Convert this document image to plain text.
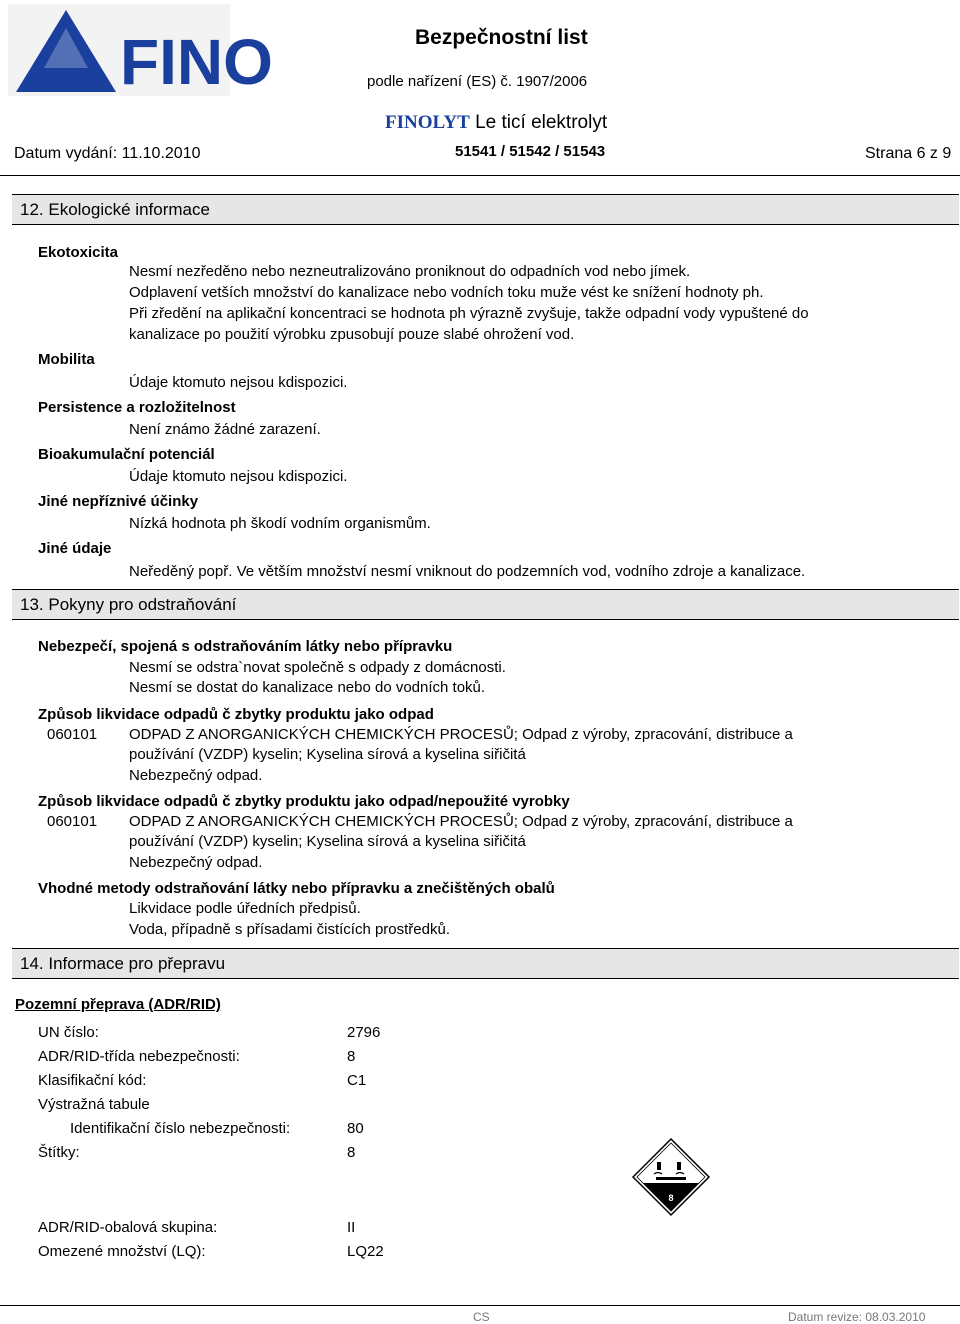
FINO	Bezpečnostní list
podle nařízení (ES) č. 1907/2006
FINOLYT Le ticí elektrolyt
Datum vydání: 11.10.2010	51541 / 51542 / 51543	Strana 6 z 9
12. Ekologické informace
Ekotoxicita
Nesmí nezředěno nebo nezneutralizováno proniknout do odpadních vod nebo jímek.
Odplavení vetších množství do kanalizace nebo vodních toku muže vést ke snížení hodnoty ph.
Při zředění na aplikační koncentraci se hodnota ph výrazně zvyšuje, takže odpadní vody vypuštené do
kanalizace po použití výrobku zpusobují pouze slabé ohrožení vod.
Mobilita
Údaje ktomuto nejsou kdispozici.
Persistence a rozložitelnost
Není známo žádné zarazení.
Bioakumulační potenciál
Údaje ktomuto nejsou kdispozici.
Jiné nepříznivé účinky
Nízká hodnota ph škodí vodním organismům.
Jiné údaje
Neředěný popř. Ve větším množství nesmí vniknout do podzemních vod, vodního zdroje a kanalizace.
13. Pokyny pro odstraňování
Nebezpečí, spojená s odstraňováním látky nebo přípravku
Nesmí se odstra`novat společně s odpady z domácnosti.
Nesmí se dostat do kanalizace nebo do vodních toků.
Způsob likvidace odpadů č zbytky produktu jako odpad
060101 ODPAD Z ANORGANICKÝCH CHEMICKÝCH PROCESŮ; Odpad z výroby, zpracování, distribuce a
používání (VZDP) kyselin; Kyselina sírová a kyselina siřičitá
Nebezpečný odpad.
Způsob likvidace odpadů č zbytky produktu jako odpad/nepoužité vyrobky
060101 ODPAD Z ANORGANICKÝCH CHEMICKÝCH PROCESŮ; Odpad z výroby, zpracování, distribuce a
používání (VZDP) kyselin; Kyselina sírová a kyselina siřičitá
Nebezpečný odpad.
Vhodné metody odstraňování látky nebo přípravku a znečištěných obalů
Likvidace podle úředních předpisů.
Voda, případně s přísadami čistících prostředků.
14. Informace pro přepravu
Pozemní přeprava (ADR/RID)
UN číslo:	2796
ADR/RID-třída nebezpečnosti:	8
Klasifikační kód:	C1
Výstražná tabule
Identifikační číslo nebezpečnosti:	80
Štítky:	8
8
ADR/RID-obalová skupina:	II
Omezené množství (LQ):	LQ22
CS	Datum revize: 08.03.2010
